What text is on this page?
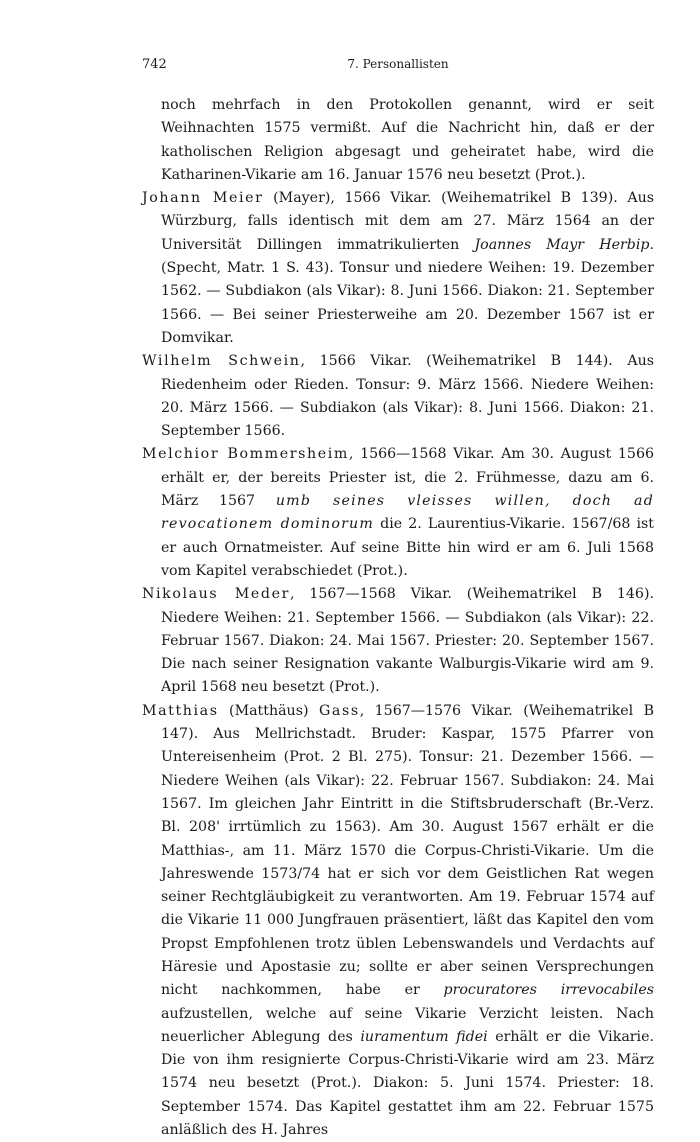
742	7. Personallisten

noch mehrfach in den Protokollen genannt, wird er seit Weihnachten 1575 vermißt. Auf die Nachricht hin, daß er der katholischen Religion abgesagt und geheiratet habe, wird die Katharinen-Vikarie am 16. Januar 1576 neu besetzt (Prot.).

Johann Meier (Mayer), 1566 Vikar. (Weihematrikel B 139). Aus Würzburg, falls identisch mit dem am 27. März 1564 an der Universität Dillingen immatrikulierten Joannes Mayr Herbip. (Specht, Matr. 1 S. 43). Tonsur und niedere Weihen: 19. Dezember 1562. — Subdiakon (als Vikar): 8. Juni 1566. Diakon: 21. September 1566. — Bei seiner Priesterweihe am 20. Dezember 1567 ist er Domvikar.

Wilhelm Schwein, 1566 Vikar. (Weihematrikel B 144). Aus Riedenheim oder Rieden. Tonsur: 9. März 1566. Niedere Weihen: 20. März 1566. — Subdiakon (als Vikar): 8. Juni 1566. Diakon: 21. September 1566.

Melchior Bommersheim, 1566—1568 Vikar. Am 30. August 1566 erhält er, der bereits Priester ist, die 2. Frühmesse, dazu am 6. März 1567 umb seines vleisses willen, doch ad revocationem dominorum die 2. Laurentius-Vikarie. 1567/68 ist er auch Ornatmeister. Auf seine Bitte hin wird er am 6. Juli 1568 vom Kapitel verabschiedet (Prot.).

Nikolaus Meder, 1567—1568 Vikar. (Weihematrikel B 146). Niedere Weihen: 21. September 1566. — Subdiakon (als Vikar): 22. Februar 1567. Diakon: 24. Mai 1567. Priester: 20. September 1567. Die nach seiner Resignation vakante Walburgis-Vikarie wird am 9. April 1568 neu besetzt (Prot.).

Matthias (Matthäus) Gass, 1567—1576 Vikar. (Weihematrikel B 147). Aus Mellrichstadt. Bruder: Kaspar, 1575 Pfarrer von Untereisenheim (Prot. 2 Bl. 275). Tonsur: 21. Dezember 1566. — Niedere Weihen (als Vikar): 22. Februar 1567. Subdiakon: 24. Mai 1567. Im gleichen Jahr Eintritt in die Stiftsbruderschaft (Br.-Verz. Bl. 208' irrtümlich zu 1563). Am 30. August 1567 erhält er die Matthias-, am 11. März 1570 die Corpus-Christi-Vikarie. Um die Jahreswende 1573/74 hat er sich vor dem Geistlichen Rat wegen seiner Rechtgläubigkeit zu verantworten. Am 19. Februar 1574 auf die Vikarie 11 000 Jungfrauen präsentiert, läßt das Kapitel den vom Propst Empfohlenen trotz üblen Lebenswandels und Verdachts auf Häresie und Apostasie zu; sollte er aber seinen Versprechungen nicht nachkommen, habe er procuratores irrevocabiles aufzustellen, welche auf seine Vikarie Verzicht leisten. Nach neuerlicher Ablegung des iuramentum fidei erhält er die Vikarie. Die von ihm resignierte Corpus-Christi-Vikarie wird am 23. März 1574 neu besetzt (Prot.). Diakon: 5. Juni 1574. Priester: 18. September 1574. Das Kapitel gestattet ihm am 22. Februar 1575 anläßlich des H. Jahres
